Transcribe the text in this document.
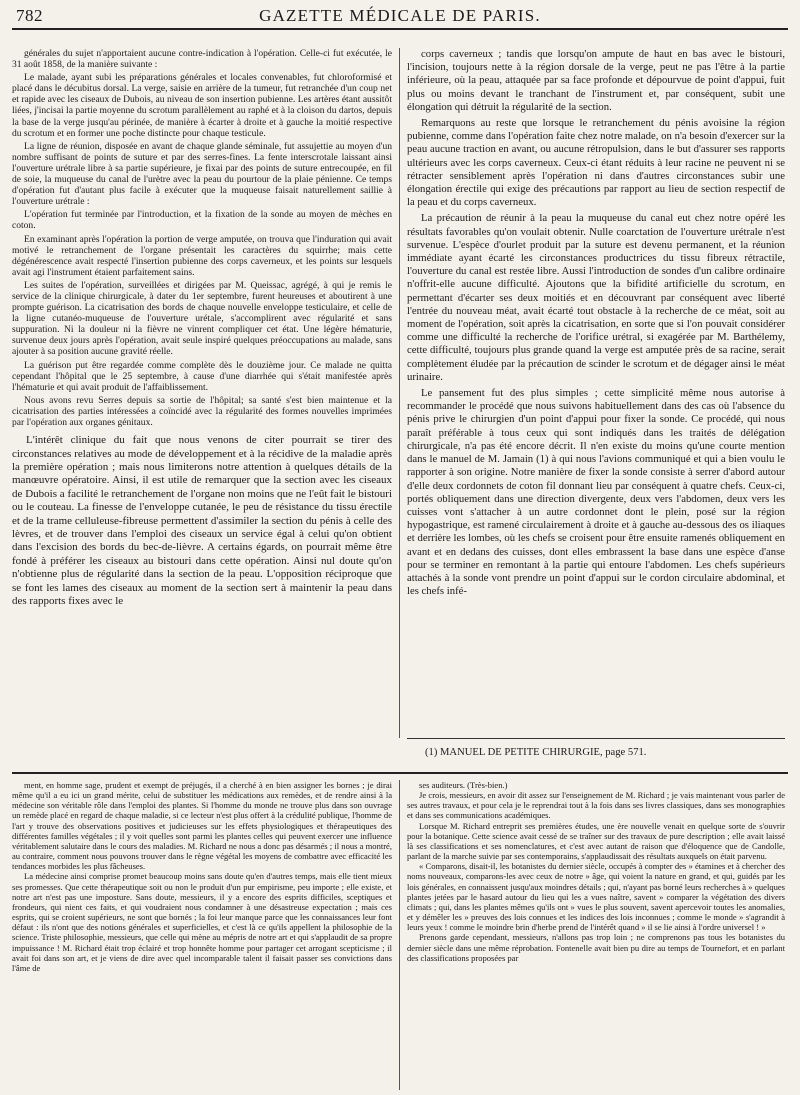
782	GAZETTE MÉDICALE DE PARIS.

générales du sujet n'apportaient aucune contre-indication à l'opération. Celle-ci fut exécutée, le 31 août 1858, de la manière suivante :

Le malade, ayant subi les préparations générales et locales convenables, fut chloroformisé et placé dans le décubitus dorsal. La verge, saisie en arrière de la tumeur, fut retranchée d'un coup net et rapide avec les ciseaux de Dubois, au niveau de son insertion pubienne. Les artères étant aussitôt liées, j'incisai la partie moyenne du scrotum parallèlement au raphé et à la cloison du dartos, depuis la base de la verge jusqu'au périnée, de manière à écarter à droite et à gauche la moitié respective du scrotum et en former une poche distincte pour chaque testicule.

La ligne de réunion, disposée en avant de chaque glande séminale, fut assujettie au moyen d'un nombre suffisant de points de suture et par des serres-fines. La fente interscrotale laissant ainsi l'ouverture urétrale libre à sa partie supérieure, je fixai par des points de suture entrecoupée, en fil de soie, la muqueuse du canal de l'urètre avec la peau du pourtour de la plaie pénienne. Ce temps d'opération fut d'autant plus facile à exécuter que la muqueuse faisait naturellement saillie à l'ouverture urétrale :

L'opération fut terminée par l'introduction, et la fixation de la sonde au moyen de mèches en coton.

En examinant après l'opération la portion de verge amputée, on trouva que l'induration qui avait motivé le retranchement de l'organe présentait les caractères du squirrhe; mais cette dégénérescence avait respecté l'insertion pubienne des corps caverneux, et les points sur lesquels avait agi l'instrument étaient parfaitement sains.

Les suites de l'opération, surveillées et dirigées par M. Queissac, agrégé, à qui je remis le service de la clinique chirurgicale, à dater du 1er septembre, furent heureuses et aboutirent à une prompte guérison. La cicatrisation des bords de chaque nouvelle enveloppe testiculaire, et celle de la ligne cutanéo-muqueuse de l'ouverture urétale, s'accomplirent avec régularité et sans suppuration. Ni la douleur ni la fièvre ne vinrent compliquer cet état. Une légère hématurie, survenue deux jours après l'opération, avait seule inspiré quelques préoccupations au malade, sans ajouter à sa position aucune gravité réelle.

La guérison put être regardée comme complète dès le douzième jour. Ce malade ne quitta cependant l'hôpital que le 25 septembre, à cause d'une diarrhée qui s'était manifestée après l'hématurie et qui avait produit de l'affaiblissement.

Nous avons revu Serres depuis sa sortie de l'hôpital; sa santé s'est bien maintenue et la cicatrisation des parties intéressées a coïncidé avec la régularité des formes nouvelles imprimées par l'opération aux organes génitaux.

L'intérêt clinique du fait que nous venons de citer pourrait se tirer des circonstances relatives au mode de développement et à la récidive de la maladie après la première opération ; mais nous limiterons notre attention à quelques détails de la manœuvre opératoire. Ainsi, il est utile de remarquer que la section avec les ciseaux de Dubois a facilité le retranchement de l'organe non moins que ne l'eût fait le bistouri ou le couteau. La finesse de l'enveloppe cutanée, le peu de résistance du tissu érectile et de la trame celluleuse-fibreuse permettent d'assimiler la section du pénis à celle des lèvres, et de trouver dans l'emploi des ciseaux un service égal à celui qu'on obtient dans l'excision des bords du bec-de-lièvre. A certains égards, on pourrait même être fondé à préférer les ciseaux au bistouri dans cette opération. Ainsi nul doute qu'on n'obtienne plus de régularité dans la section de la peau. L'opposition réciproque que se font les lames des ciseaux au moment de la section sert à maintenir la peau dans des rapports fixes avec le

corps caverneux ; tandis que lorsqu'on ampute de haut en bas avec le bistouri, l'incision, toujours nette à la région dorsale de la verge, peut ne pas l'être à la partie inférieure, où la peau, attaquée par sa face profonde et dépourvue de point d'appui, fuit plus ou moins devant le tranchant de l'instrument et, par conséquent, subit une élongation qui détruit la régularité de la section.

Remarquons au reste que lorsque le retranchement du pénis avoisine la région pubienne, comme dans l'opération faite chez notre malade, on n'a besoin d'exercer sur la peau aucune traction en avant, ou aucune rétropulsion, dans le but d'assurer ses rapports ultérieurs avec les corps caverneux. Ceux-ci étant réduits à leur racine ne peuvent ni se rétracter sensiblement après l'opération ni dans d'autres circonstances subir une élongation érectile qui exige des précautions par rapport au lieu de section respectif de la peau et du corps caverneux.

La précaution de réunir à la peau la muqueuse du canal eut chez notre opéré les résultats favorables qu'on voulait obtenir. Nulle coarctation de l'ouverture urétrale n'est survenue. L'espèce d'ourlet produit par la suture est devenu permanent, et la réunion immédiate ayant écarté les circonstances productrices du tissu fibreux rétractile, l'ouverture du canal est restée libre. Aussi l'introduction de sondes d'un calibre ordinaire n'offrit-elle aucune difficulté. Ajoutons que la bifidité artificielle du scrotum, en permettant d'écarter ses deux moitiés et en découvrant par conséquent avec liberté l'entrée du nouveau méat, avait écarté tout obstacle à la recherche de ce méat, soit au moment de l'opération, soit après la cicatrisation, en sorte que si l'on pouvait considérer comme une difficulté la recherche de l'orifice urétral, si exagérée par M. Barthélemy, cette difficulté, toujours plus grande quand la verge est amputée près de sa racine, serait complètement éludée par la précaution de scinder le scrotum et de dégager ainsi le méat urinaire.

Le pansement fut des plus simples ; cette simplicité même nous autorise à recommander le procédé que nous suivons habituellement dans des cas où l'absence du pénis prive le chirurgien d'un point d'appui pour fixer la sonde. Ce procédé, qui nous paraît préférable à tous ceux qui sont indiqués dans les traités de délégation chirurgicale, n'a pas été encore décrit. Il n'en existe du moins qu'une courte mention dans le manuel de M. Jamain (1) à qui nous l'avions communiqué et qui a bien voulu le rapporter à son origine. Notre manière de fixer la sonde consiste à serrer d'abord autour d'elle deux cordonnets de coton fil donnant lieu par conséquent à quatre chefs. Ceux-ci, portés obliquement dans une direction divergente, deux vers l'abdomen, deux vers les cuisses vont s'attacher à un autre cordonnet dont le plein, posé sur la région hypogastrique, est ramené circulairement à droite et à gauche au-dessous des os iliaques et derrière les lombes, où les chefs se croisent pour être ensuite ramenés obliquement en avant et en dedans des cuisses, dont elles embrassent la base dans une espèce d'anse pour se terminer en remontant à la partie qui entoure l'abdomen. Les chefs supérieurs attachés à la sonde vont prendre un point d'appui sur le cordon circulaire abdominal, et les chefs infé-

(1) MANUEL DE PETITE CHIRURGIE, page 571.

ment, en homme sage, prudent et exempt de préjugés, il a cherché à en bien assigner les bornes ; je dirai même qu'il a eu ici un grand mérite, celui de substituer les médications aux remèdes, et de rendre ainsi à la médecine son véritable rôle dans l'emploi des plantes. Si l'homme du monde ne trouve plus dans son ouvrage un remède placé en regard de chaque maladie, si ce lecteur n'est plus offert à la crédulité publique, l'homme de l'art y trouve des observations positives et judicieuses sur les effets physiologiques et thérapeutiques des différentes familles végétales ; il y voit quelles sont parmi les plantes celles qui peuvent exercer une influence véritablement salutaire dans le cours des maladies. M. Richard ne nous a donc pas désarmés ; il nous a montré, au contraire, comment nous pouvons trouver dans le règne végétal les moyens de combattre avec efficacité les tendances morbides les plus fâcheuses.

La médecine ainsi comprise promet beaucoup moins sans doute qu'en d'autres temps, mais elle tient mieux ses promesses. Que cette thérapeutique soit ou non le produit d'un pur empirisme, peu importe ; elle existe, et notre art n'est pas une imposture. Sans doute, messieurs, il y a encore des esprits difficiles, sceptiques et frondeurs, qui nient ces faits, et qui voudraient nous condamner à une désastreuse expectation ; mais ces esprits, qui se croient supérieurs, ne sont que bornés ; la foi leur manque parce que les connaissances leur font défaut : ils n'ont que des notions générales et superficielles, et c'est là ce qu'ils appellent la philosophie de la science. Triste philosophie, messieurs, que celle qui mène au mépris de notre art et qui s'applaudit de sa propre impuissance ! M. Richard était trop éclairé et trop honnête homme pour partager cet arrogant scepticisme ; il avait foi dans son art, et je viens de dire avec quel incomparable talent il faisait passer ses convictions dans l'âme de

ses auditeurs. (Très-bien.)

Je crois, messieurs, en avoir dit assez sur l'enseignement de M. Richard ; je vais maintenant vous parler de ses autres travaux, et pour cela je le reprendrai tout à la fois dans ses livres classiques, dans ses monographies et dans ses communications académiques.

Lorsque M. Richard entreprit ses premières études, une ère nouvelle venait en quelque sorte de s'ouvrir pour la botanique. Cette science avait cessé de se traîner sur des travaux de pure description ; elle avait laissé là ses classifications et ses nomenclatures, et c'est avec autant de raison que d'éloquence que de Candolle, parlant de la marche suivie par ses contemporains, s'applaudissait des résultats auxquels on était parvenu.

« Comparons, disait-il, les botanistes du dernier siècle, occupés à compter des » étamines et à chercher des noms nouveaux, comparons-les avec ceux de notre » âge, qui voient la nature en grand, et qui, guidés par les lois générales, en connaissent jusqu'aux moindres détails ; qui, n'ayant pas borné leurs recherches à » quelques plantes jetées par le hasard autour du lieu qui les a vues naître, savent » comparer la végétation des divers climats ; qui, dans les plantes mêmes qu'ils ont » vues le plus souvent, savent apercevoir toutes les anomalies, et y démêler les » preuves des lois connues et les indices des lois inconnues ; comme le monde » s'agrandit à leurs yeux ! comme le moindre brin d'herbe prend de l'intérêt quand » il se lie ainsi à l'ordre universel ! »

Prenons garde cependant, messieurs, n'allons pas trop loin ; ne comprenons pas tous les botanistes du dernier siècle dans une même réprobation. Fontenelle avait bien pu dire au temps de Tournefort, et en parlant des classifications proposées par
